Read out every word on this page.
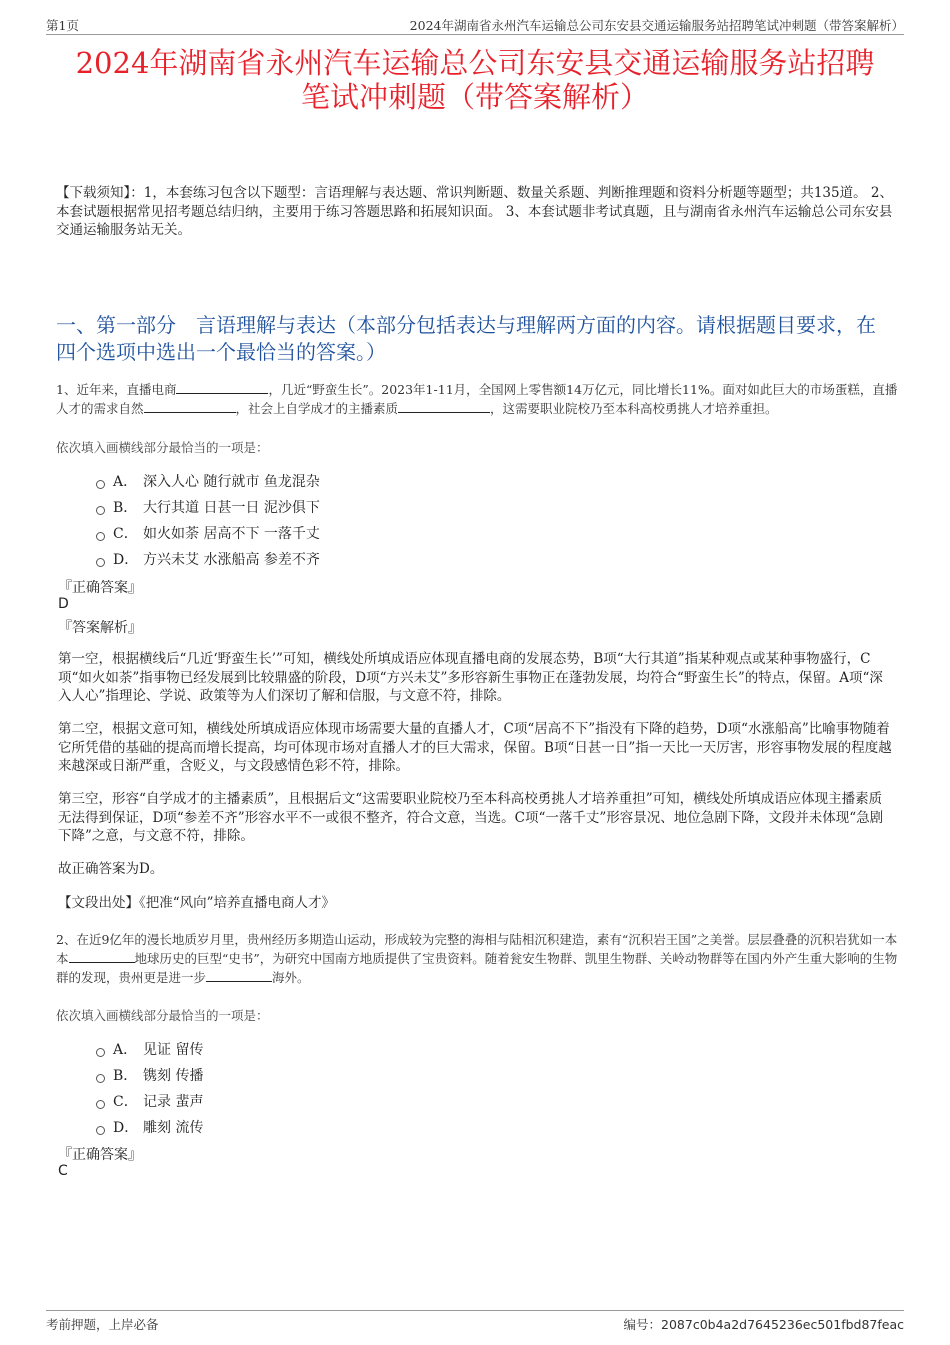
第1页	2024年湖南省永州汽车运输总公司东安县交通运输服务站招聘笔试冲刺题（带答案解析）
2024年湖南省永州汽车运输总公司东安县交通运输服务站招聘
笔试冲刺题（带答案解析）
【下载须知】：1，本套练习包含以下题型：言语理解与表达题、常识判断题、数量关系题、判断推理题和资料分析题等题型；共135道。 2、本套试题根据常见招考题总结归纳，主要用于练习答题思路和拓展知识面。 3、本套试题非考试真题，且与湖南省永州汽车运输总公司东安县交通运输服务站无关。
一、第一部分　言语理解与表达（本部分包括表达与理解两方面的内容。请根据题目要求，在四个选项中选出一个最恰当的答案。）
1、近年来，直播电商	，几近“野蛮生长”。2023年1-11月，全国网上零售额14万亿元，同比增长11%。面对如此巨大的市场蛋糕，直播人才的需求自然	，社会上自学成才的主播素质	，这需要职业院校乃至本科高校勇挑人才培养重担。
依次填入画横线部分最恰当的一项是：
A． 深入人心 随行就市 鱼龙混杂
B． 大行其道 日甚一日 泥沙俱下
C． 如火如荼 居高不下 一落千丈
D． 方兴未艾 水涨船高 参差不齐
『正确答案』
D
『答案解析』
第一空，根据横线后“几近‘野蛮生长’”可知，横线处所填成语应体现直播电商的发展态势，B项“大行其道”指某种观点或某种事物盛行，C项“如火如荼”指事物已经发展到比较鼎盛的阶段，D项“方兴未艾”多形容新生事物正在蓬勃发展，均符合“野蛮生长”的特点，保留。A项“深入人心”指理论、学说、政策等为人们深切了解和信服，与文意不符，排除。
第二空，根据文意可知，横线处所填成语应体现市场需要大量的直播人才，C项“居高不下”指没有下降的趋势，D项“水涨船高”比喻事物随着它所凭借的基础的提高而增长提高，均可体现市场对直播人才的巨大需求，保留。B项“日甚一日”指一天比一天厉害，形容事物发展的程度越来越深或日渐严重，含贬义，与文段感情色彩不符，排除。
第三空，形容“自学成才的主播素质”，且根据后文“这需要职业院校乃至本科高校勇挑人才培养重担”可知，横线处所填成语应体现主播素质无法得到保证，D项“参差不齐”形容水平不一或很不整齐，符合文意，当选。C项“一落千丈”形容景况、地位急剧下降，文段并未体现“急剧下降”之意，与文意不符，排除。
故正确答案为D。
【文段出处】《把准“风向”培养直播电商人才》
2、在近9亿年的漫长地质岁月里，贵州经历多期造山运动，形成较为完整的海相与陆相沉积建造，素有“沉积岩王国”之美誉。层层叠叠的沉积岩犹如一本本	地球历史的巨型“史书”，为研究中国南方地质提供了宝贵资料。随着瓮安生物群、凯里生物群、关岭动物群等在国内外产生重大影响的生物群的发现，贵州更是进一步	海外。
依次填入画横线部分最恰当的一项是：
A． 见证 留传
B． 镌刻 传播
C． 记录 蜚声
D． 雕刻 流传
『正确答案』
C
考前押题，上岸必备	编号：2087c0b4a2d7645236ec501fbd87feac
